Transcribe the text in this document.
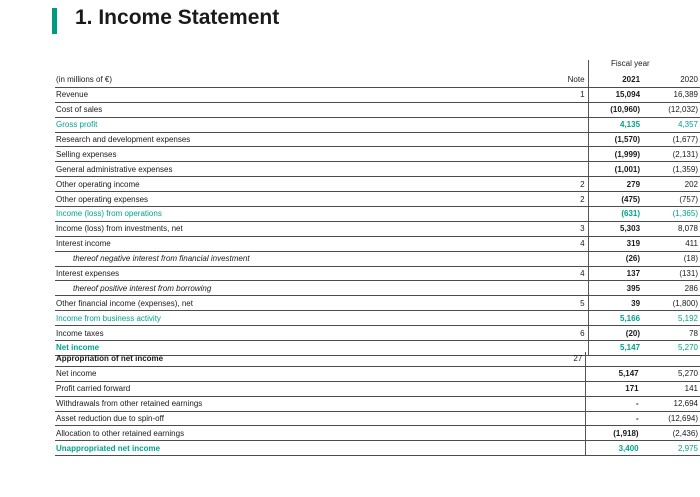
1. Income Statement
Fiscal year

(in millions of €)	Note	2021	2020
Revenue	1	15,094	16,389
Cost of sales		(10,960)	(12,032)
Gross profit		4,135	4,357
Research and development expenses		(1,570)	(1,677)
Selling expenses		(1,999)	(2,131)
General administrative expenses		(1,001)	(1,359)
Other operating income	2	279	202
Other operating expenses	2	(475)	(757)
Income (loss) from operations		(631)	(1,365)
Income (loss) from investments, net	3	5,303	8,078
Interest income	4	319	411
thereof negative interest from financial investment		(26)	(18)
Interest expenses	4	137	(131)
thereof positive interest from borrowing		395	286
Other financial income (expenses), net	5	39	(1,800)
Income from business activity		5,166	5,192
Income taxes	6	(20)	78
Net income		5,147	5,270
Appropriation of net income	27		
Net income		5,147	5,270
Profit carried forward		171	141
Withdrawals from other retained earnings		-	12,694
Asset reduction due to spin-off		-	(12,694)
Allocation to other retained earnings		(1,918)	(2,436)
Unappropriated net income		3,400	2,975
